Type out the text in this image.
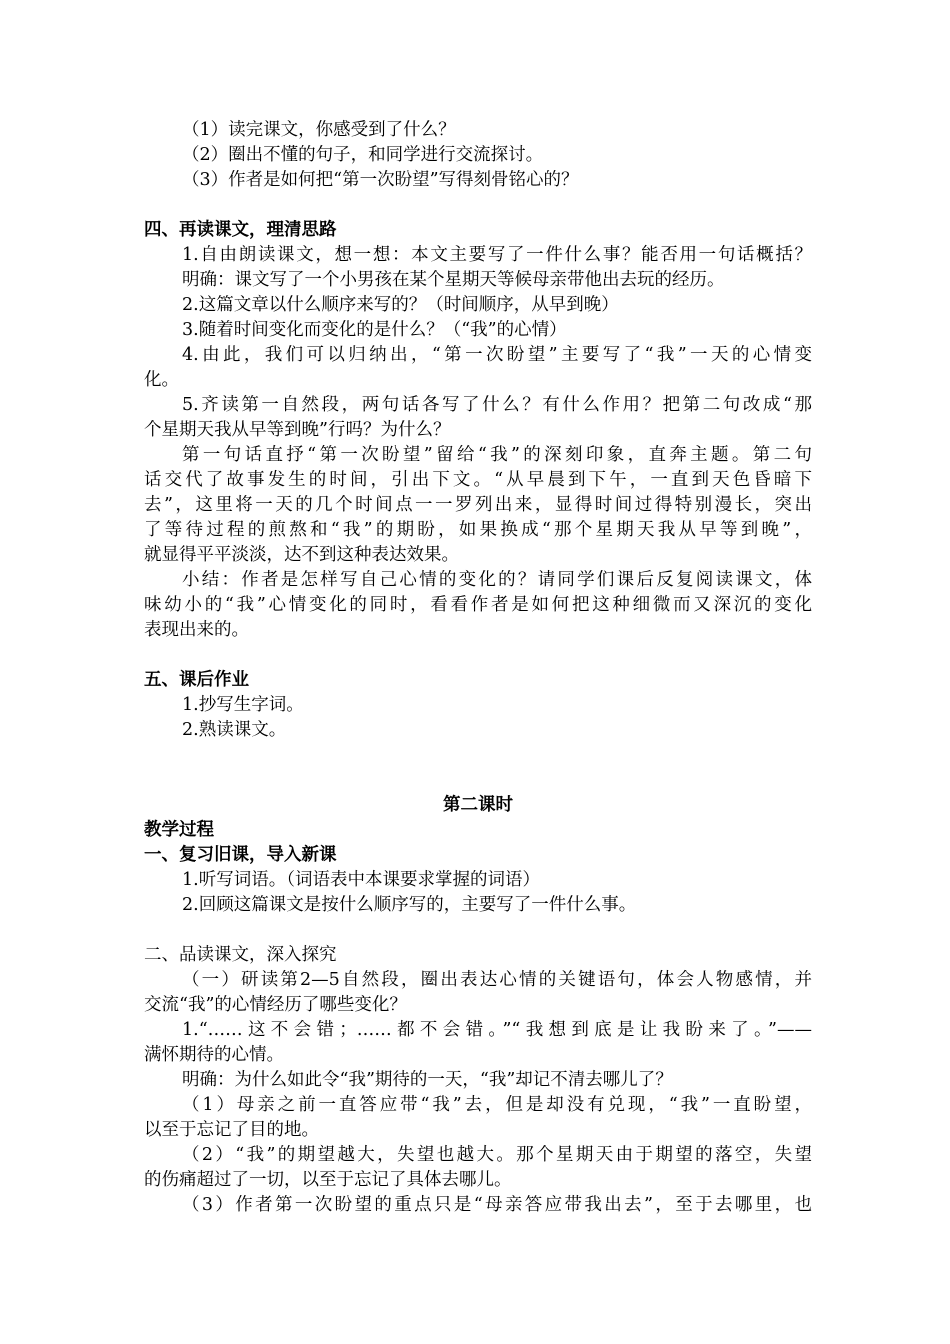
（1）读完课文，你感受到了什么？
（2）圈出不懂的句子，和同学进行交流探讨。
（3）作者是如何把“第一次盼望”写得刻骨铭心的？
四、再读课文，理清思路
1.自由朗读课文，想一想：本文主要写了一件什么事？能否用一句话概括？
明确：课文写了一个小男孩在某个星期天等候母亲带他出去玩的经历。
2.这篇文章以什么顺序来写的？（时间顺序，从早到晚）
3.随着时间变化而变化的是什么？（“我”的心情）
4.由此，我们可以归纳出，“第一次盼望”主要写了“我”一天的心情变
化。
5.齐读第一自然段，两句话各写了什么？有什么作用？把第二句改成“那
个星期天我从早等到晚”行吗？为什么？
第一句话直抒“第一次盼望”留给“我”的深刻印象，直奔主题。第二句
话交代了故事发生的时间，引出下文。“从早晨到下午，一直到天色昏暗下
去”，这里将一天的几个时间点一一罗列出来，显得时间过得特别漫长，突出
了等待过程的煎熬和“我”的期盼，如果换成“那个星期天我从早等到晚”，
就显得平平淡淡，达不到这种表达效果。
小结：作者是怎样写自己心情的变化的？请同学们课后反复阅读课文，体
味幼小的“我”心情变化的同时，看看作者是如何把这种细微而又深沉的变化
表现出来的。
五、课后作业
1.抄写生字词。
2.熟读课文。
第二课时
教学过程
一、复习旧课，导入新课
1.听写词语。（词语表中本课要求掌握的词语）
2.回顾这篇课文是按什么顺序写的，主要写了一件什么事。
二、品读课文，深入探究
（一）研读第2—5自然段，圈出表达心情的关键语句，体会人物感情，并
交流“我”的心情经历了哪些变化？
1.“……这不会错；……都不会错。”“我想到底是让我盼来了。”——
满怀期待的心情。
明确：为什么如此令“我”期待的一天，“我”却记不清去哪儿了？
（1）母亲之前一直答应带“我”去，但是却没有兑现，“我”一直盼望，
以至于忘记了目的地。
（2）“我”的期望越大，失望也越大。那个星期天由于期望的落空，失望
的伤痛超过了一切，以至于忘记了具体去哪儿。
（3）作者第一次盼望的重点只是“母亲答应带我出去”，至于去哪里，也
